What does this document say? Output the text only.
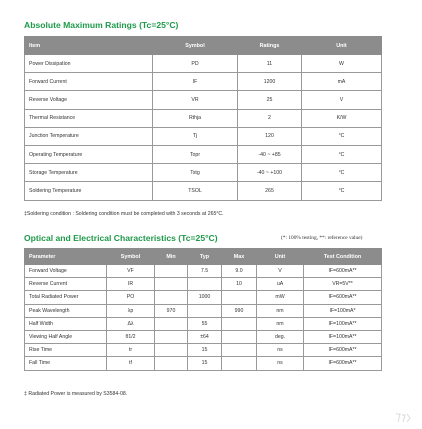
Absolute Maximum Ratings (Tc=25°C)
Item	Symbol	Ratings	Unit
Power Dissipation	PD	11	W
Forward Current	IF	1200	mA
Reverse Voltage	VR	25	V
Thermal Resistance	Rthja	2	K/W
Junction Temperature	Tj	120	°C
Operating Temperature	Topr	-40 ~ +85	°C
Storage Temperature	Tstg	-40 ~ +100	°C
Soldering Temperature	TSOL	265	°C
‡Soldering condition : Soldering condition must be completed with 3 seconds at 265°C.
Optical and Electrical Characteristics (Tc=25°C)	(*: 100% testing, **: reference value)
Parameter	Symbol	Min	Typ	Max	Unit	Test Condition
Forward Voltage	VF		7.5	9.0	V	IF=600mA**
Reverse Current	IR			10	uA	VR=5V**
Total Radiated Power	PO		1000		mW	IF=600mA**
Peak Wavelength	λp	970		990	nm	IF=100mA*
Half Width	Δλ		55		nm	IF=100mA**
Viewing Half Angle	θ1/2		±64		deg.	IF=100mA**
Rise Time	tr		15		ns	IF=600mA**
Fall Time	tf		15		ns	IF=600mA**
‡ Radiated Power is measured by S3584-08.
